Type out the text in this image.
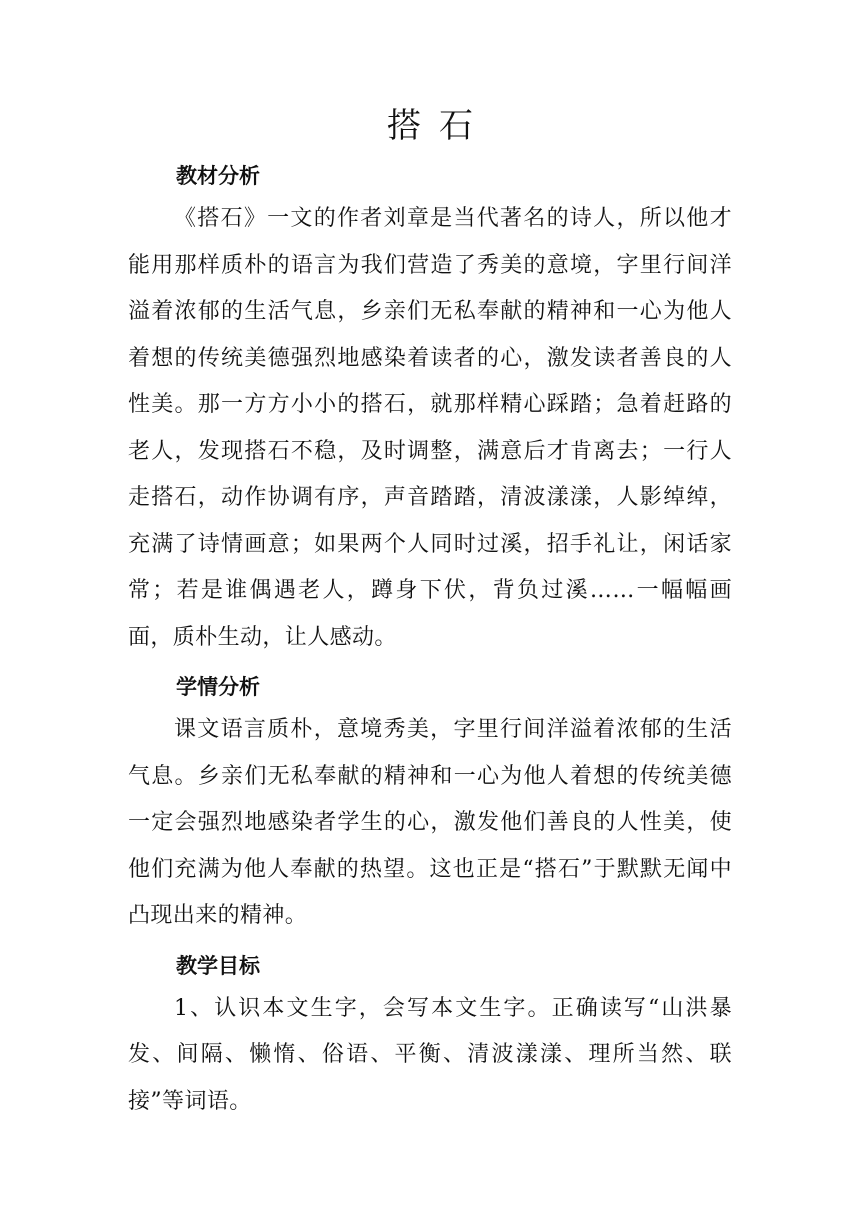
搭石
教材分析

《搭石》一文的作者刘章是当代著名的诗人，所以他才能用那样质朴的语言为我们营造了秀美的意境，字里行间洋溢着浓郁的生活气息，乡亲们无私奉献的精神和一心为他人着想的传统美德强烈地感染着读者的心，激发读者善良的人性美。那一方方小小的搭石，就那样精心踩踏；急着赶路的老人，发现搭石不稳，及时调整，满意后才肯离去；一行人走搭石，动作协调有序，声音踏踏，清波漾漾，人影绰绰，充满了诗情画意；如果两个人同时过溪，招手礼让，闲话家常；若是谁偶遇老人，蹲身下伏，背负过溪……一幅幅画面，质朴生动，让人感动。

学情分析

课文语言质朴，意境秀美，字里行间洋溢着浓郁的生活气息。乡亲们无私奉献的精神和一心为他人着想的传统美德一定会强烈地感染者学生的心，激发他们善良的人性美，使他们充满为他人奉献的热望。这也正是“搭石”于默默无闻中凸现出来的精神。

教学目标

1、认识本文生字，会写本文生字。正确读写“山洪暴发、间隔、懒惰、俗语、平衡、清波漾漾、理所当然、联接”等词语。
